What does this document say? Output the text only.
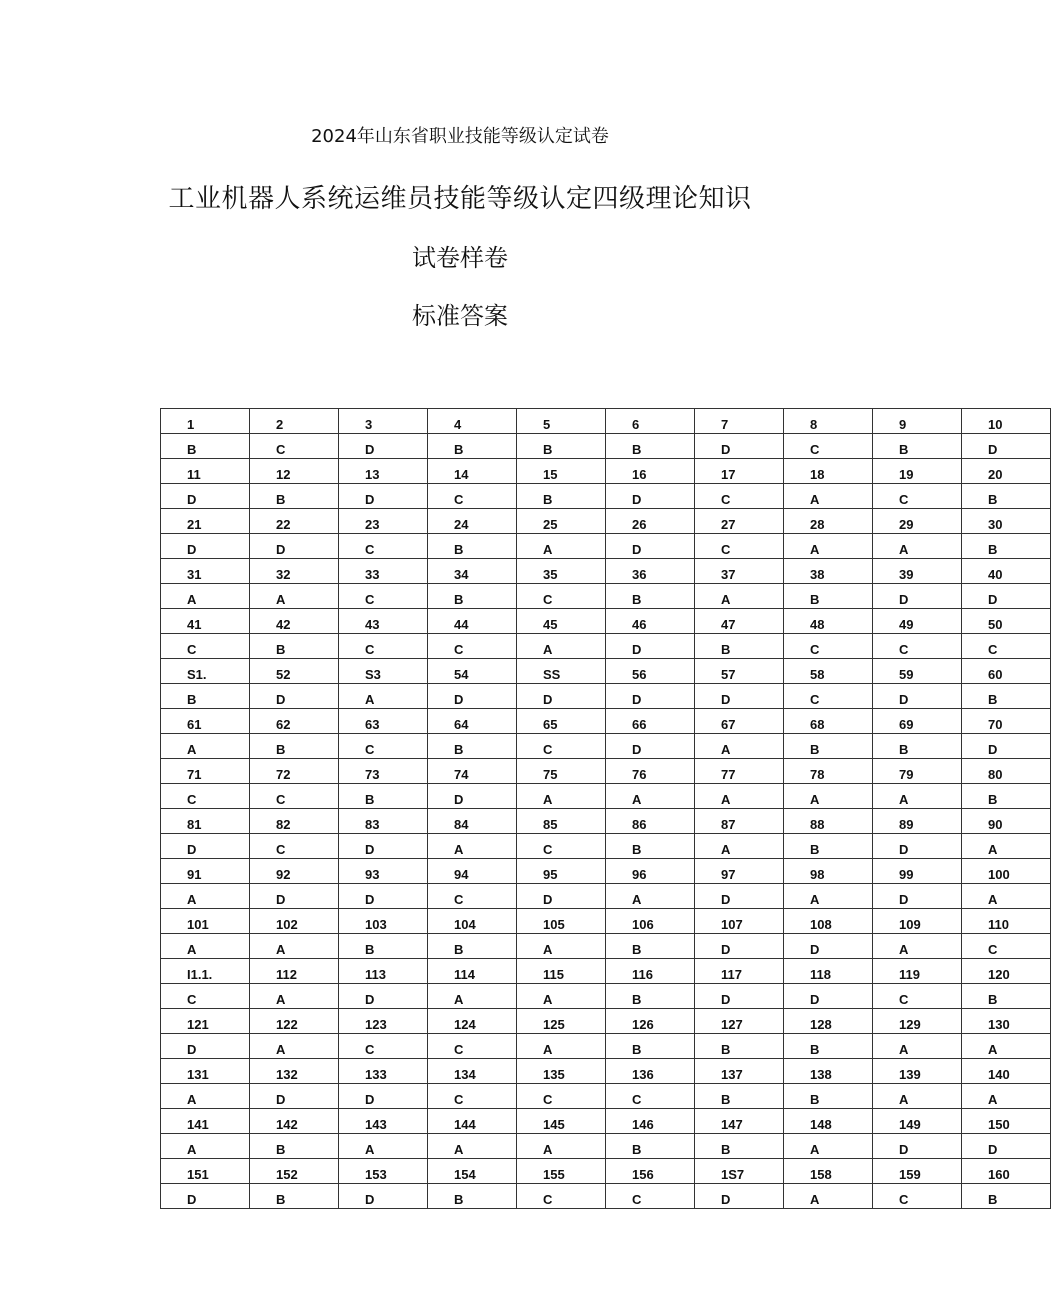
2024年山东省职业技能等级认定试卷
工业机器人系统运维员技能等级认定四级理论知识
试卷样卷
标准答案
1	2	3	4	5	6	7	8	9	10

B	C	D	B	B	B	D	C	B	D

11	12	13	14	15	16	17	18	19	20

D	B	D	C	B	D	C	A	C	B

21	22	23	24	25	26	27	28	29	30

D	D	C	B	A	D	C	A	A	B

31	32	33	34	35	36	37	38	39	40

A	A	C	B	C	B	A	B	D	D

41	42	43	44	45	46	47	48	49	50

C	B	C	C	A	D	B	C	C	C

S1.	52	S3	54	SS	56	57	58	59	60

B	D	A	D	D	D	D	C	D	B

61	62	63	64	65	66	67	68	69	70

A	B	C	B	C	D	A	B	B	D

71	72	73	74	75	76	77	78	79	80

C	C	B	D	A	A	A	A	A	B

81	82	83	84	85	86	87	88	89	90

D	C	D	A	C	B	A	B	D	A

91	92	93	94	95	96	97	98	99	100

A	D	D	C	D	A	D	A	D	A

101	102	103	104	105	106	107	108	109	110

A	A	B	B	A	B	D	D	A	C

I1.1.	112	113	114	115	116	117	118	119	120

C	A	D	A	A	B	D	D	C	B

121	122	123	124	125	126	127	128	129	130

D	A	C	C	A	B	B	B	A	A

131	132	133	134	135	136	137	138	139	140

A	D	D	C	C	C	B	B	A	A

141	142	143	144	145	146	147	148	149	150

A	B	A	A	A	B	B	A	D	D

151	152	153	154	155	156	1S7	158	159	160

D	B	D	B	C	C	D	A	C	B
